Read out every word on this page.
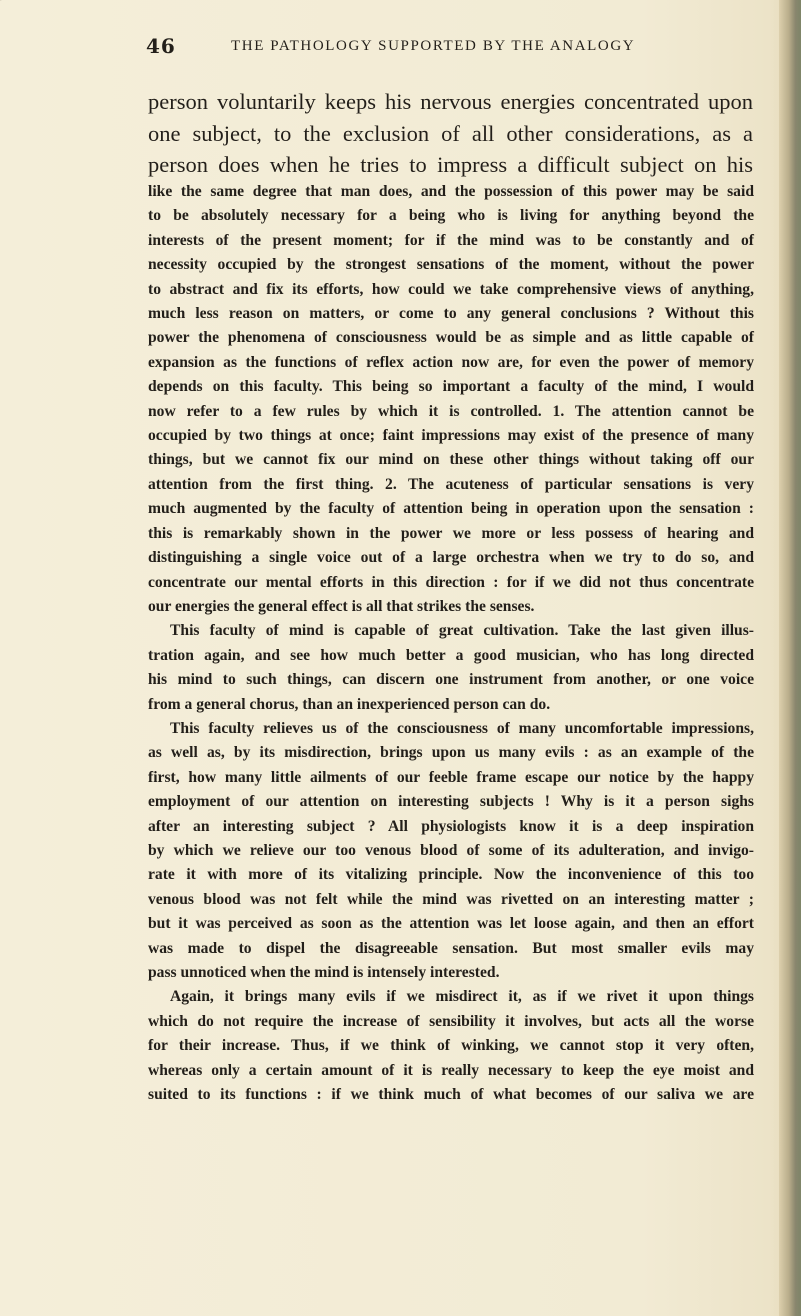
46	THE PATHOLOGY SUPPORTED BY THE ANALOGY

person voluntarily keeps his nervous energies concentrated upon
one subject, to the exclusion of all other considerations, as a
person does when he tries to impress a difficult subject on his

like the same degree that man does, and the possession of this power may be said
to be absolutely necessary for a being who is living for anything beyond the
interests of the present moment; for if the mind was to be constantly and of
necessity occupied by the strongest sensations of the moment, without the power
to abstract and fix its efforts, how could we take comprehensive views of anything,
much less reason on matters, or come to any general conclusions ? Without this
power the phenomena of consciousness would be as simple and as little capable of
expansion as the functions of reflex action now are, for even the power of memory
depends on this faculty. This being so important a faculty of the mind, I would
now refer to a few rules by which it is controlled. 1. The attention cannot be
occupied by two things at once; faint impressions may exist of the presence of many
things, but we cannot fix our mind on these other things without taking off our
attention from the first thing. 2. The acuteness of particular sensations is very
much augmented by the faculty of attention being in operation upon the sensation :
this is remarkably shown in the power we more or less possess of hearing and
distinguishing a single voice out of a large orchestra when we try to do so, and
concentrate our mental efforts in this direction : for if we did not thus concentrate
our energies the general effect is all that strikes the senses.

This faculty of mind is capable of great cultivation. Take the last given illus-
tration again, and see how much better a good musician, who has long directed
his mind to such things, can discern one instrument from another, or one voice
from a general chorus, than an inexperienced person can do.

This faculty relieves us of the consciousness of many uncomfortable impressions,
as well as, by its misdirection, brings upon us many evils : as an example of the
first, how many little ailments of our feeble frame escape our notice by the happy
employment of our attention on interesting subjects ! Why is it a person sighs
after an interesting subject ? All physiologists know it is a deep inspiration
by which we relieve our too venous blood of some of its adulteration, and invigo-
rate it with more of its vitalizing principle. Now the inconvenience of this too
venous blood was not felt while the mind was rivetted on an interesting matter ;
but it was perceived as soon as the attention was let loose again, and then an effort
was made to dispel the disagreeable sensation. But most smaller evils may
pass unnoticed when the mind is intensely interested.

Again, it brings many evils if we misdirect it, as if we rivet it upon things
which do not require the increase of sensibility it involves, but acts all the worse
for their increase. Thus, if we think of winking, we cannot stop it very often,
whereas only a certain amount of it is really necessary to keep the eye moist and
suited to its functions : if we think much of what becomes of our saliva we are
